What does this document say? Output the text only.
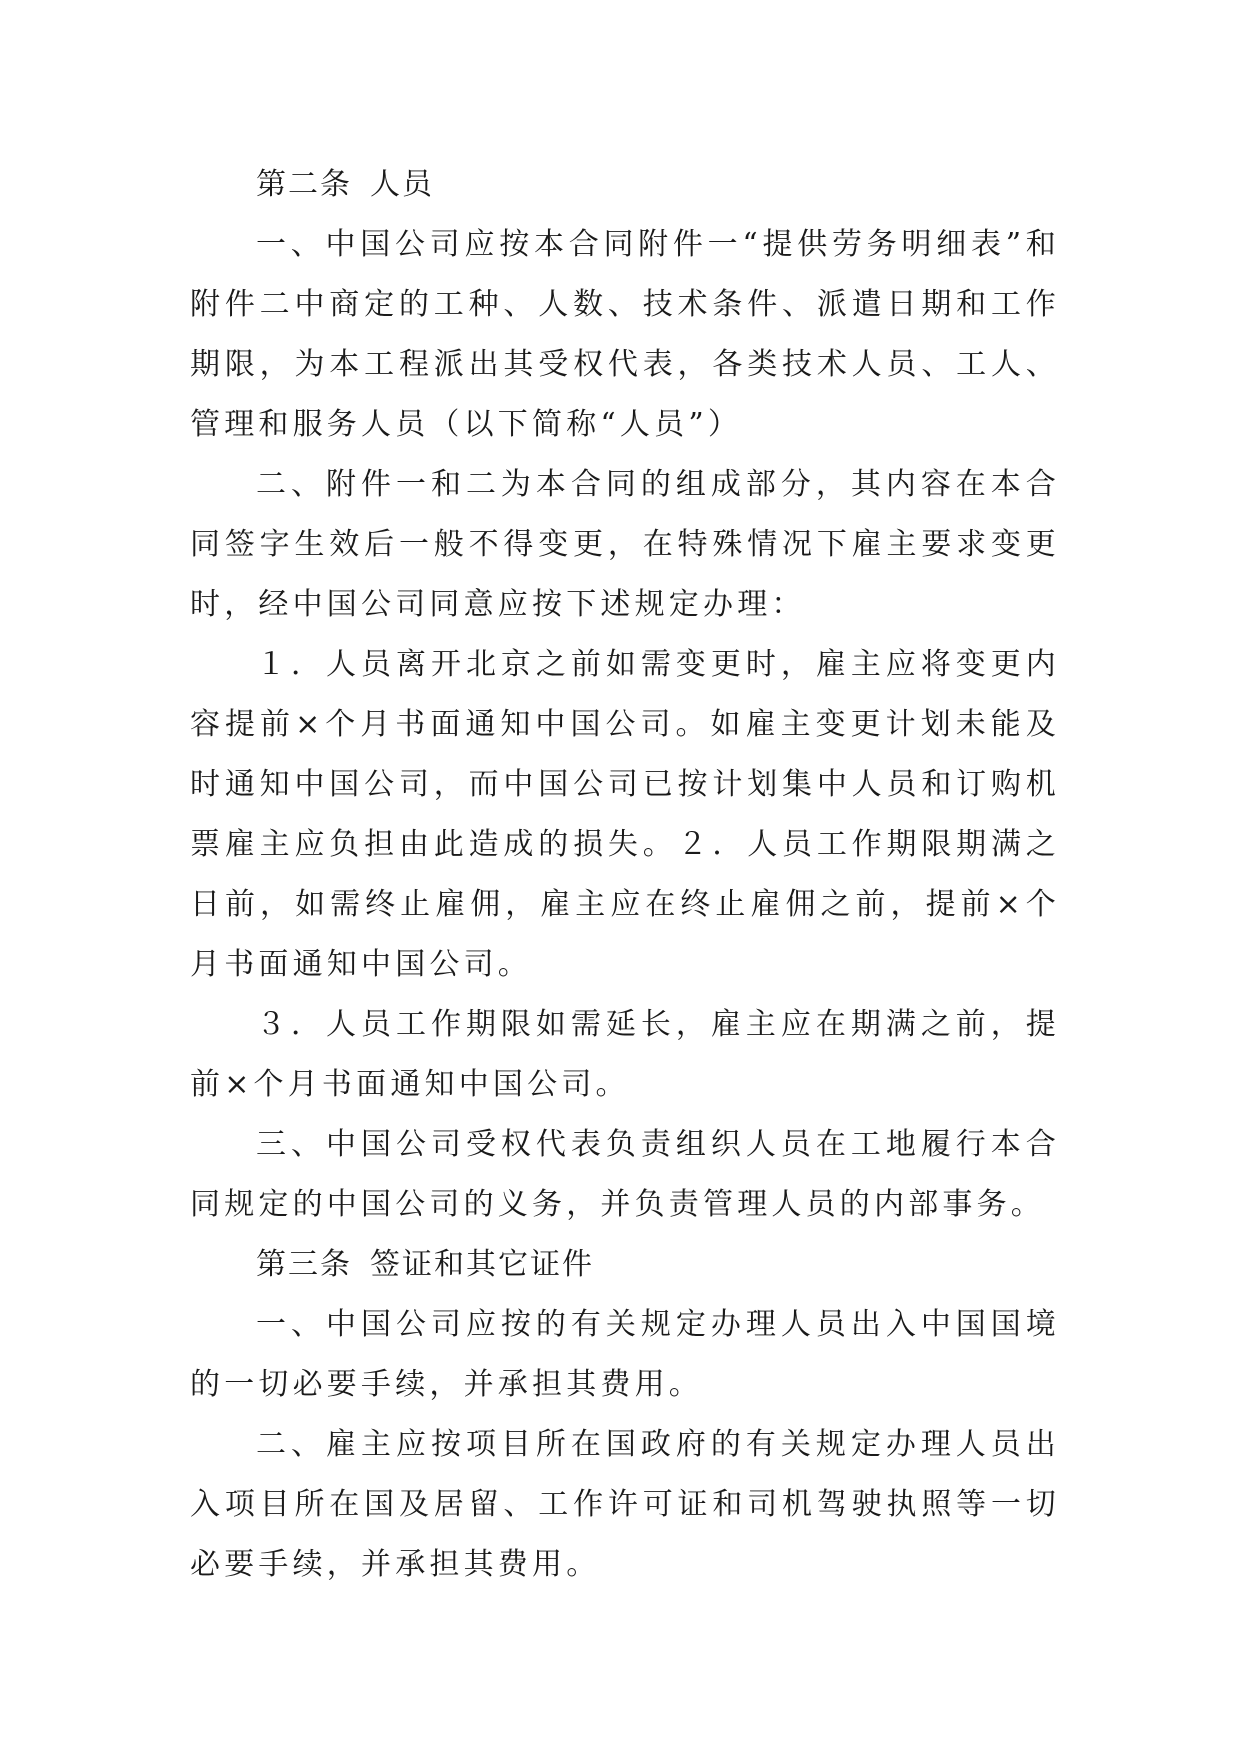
第二条 人员

一、中国公司应按本合同附件一“提供劳务明细表”和附件二中商定的工种、人数、技术条件、派遣日期和工作期限，为本工程派出其受权代表，各类技术人员、工人、管理和服务人员（以下简称“人员”）

二、附件一和二为本合同的组成部分，其内容在本合同签字生效后一般不得变更，在特殊情况下雇主要求变更时，经中国公司同意应按下述规定办理：

１．人员离开北京之前如需变更时，雇主应将变更内容提前×个月书面通知中国公司。如雇主变更计划未能及时通知中国公司，而中国公司已按计划集中人员和订购机票雇主应负担由此造成的损失。２．人员工作期限期满之日前，如需终止雇佣，雇主应在终止雇佣之前，提前×个月书面通知中国公司。

３．人员工作期限如需延长，雇主应在期满之前，提前×个月书面通知中国公司。

三、中国公司受权代表负责组织人员在工地履行本合同规定的中国公司的义务，并负责管理人员的内部事务。

第三条 签证和其它证件

一、中国公司应按的有关规定办理人员出入中国国境的一切必要手续，并承担其费用。

二、雇主应按项目所在国政府的有关规定办理人员出入项目所在国及居留、工作许可证和司机驾驶执照等一切必要手续，并承担其费用。
